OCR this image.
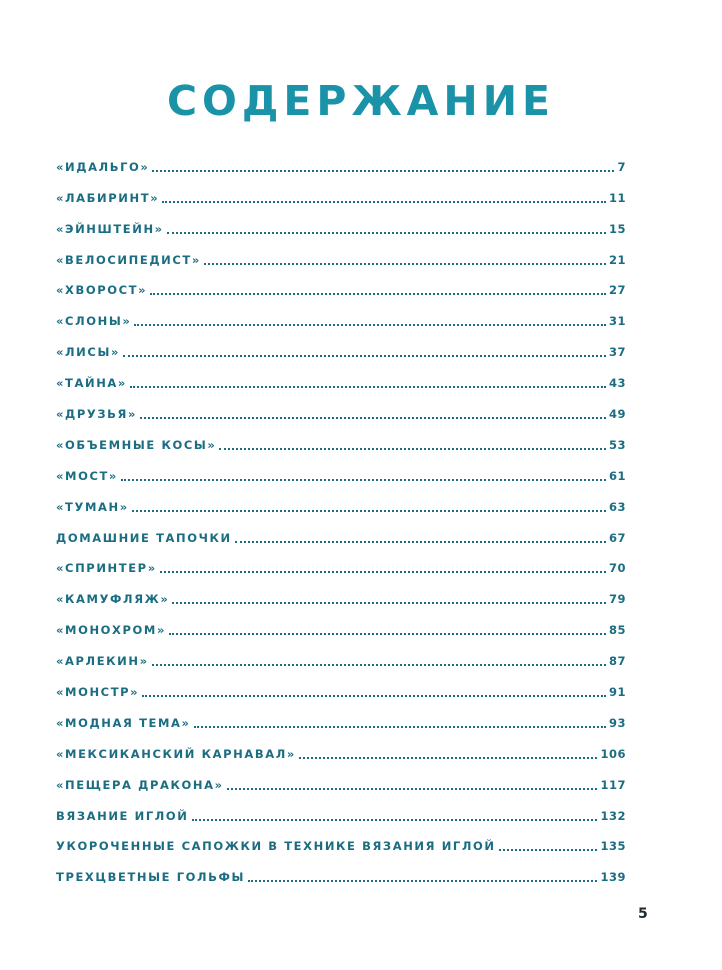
СОДЕРЖАНИЕ
«ИДАЛЬГО»	7
«ЛАБИРИНТ»	11
«ЭЙНШТЕЙН»	15
«ВЕЛОСИПЕДИСТ»	21
«ХВОРОСТ»	27
«СЛОНЫ»	31
«ЛИСЫ»	37
«ТАЙНА»	43
«ДРУЗЬЯ»	49
«ОБЪЕМНЫЕ КОСЫ»	53
«МОСТ»	61
«ТУМАН»	63
ДОМАШНИЕ ТАПОЧКИ	67
«СПРИНТЕР»	70
«КАМУФЛЯЖ»	79
«МОНОХРОМ»	85
«АРЛЕКИН»	87
«МОНСТР»	91
«МОДНАЯ ТЕМА»	93
«МЕКСИКАНСКИЙ КАРНАВАЛ»	106
«ПЕЩЕРА ДРАКОНА»	117
ВЯЗАНИЕ ИГЛОЙ	132
УКОРОЧЕННЫЕ САПОЖКИ В ТЕХНИКЕ ВЯЗАНИЯ ИГЛОЙ	135
ТРЕХЦВЕТНЫЕ ГОЛЬФЫ	139
5
